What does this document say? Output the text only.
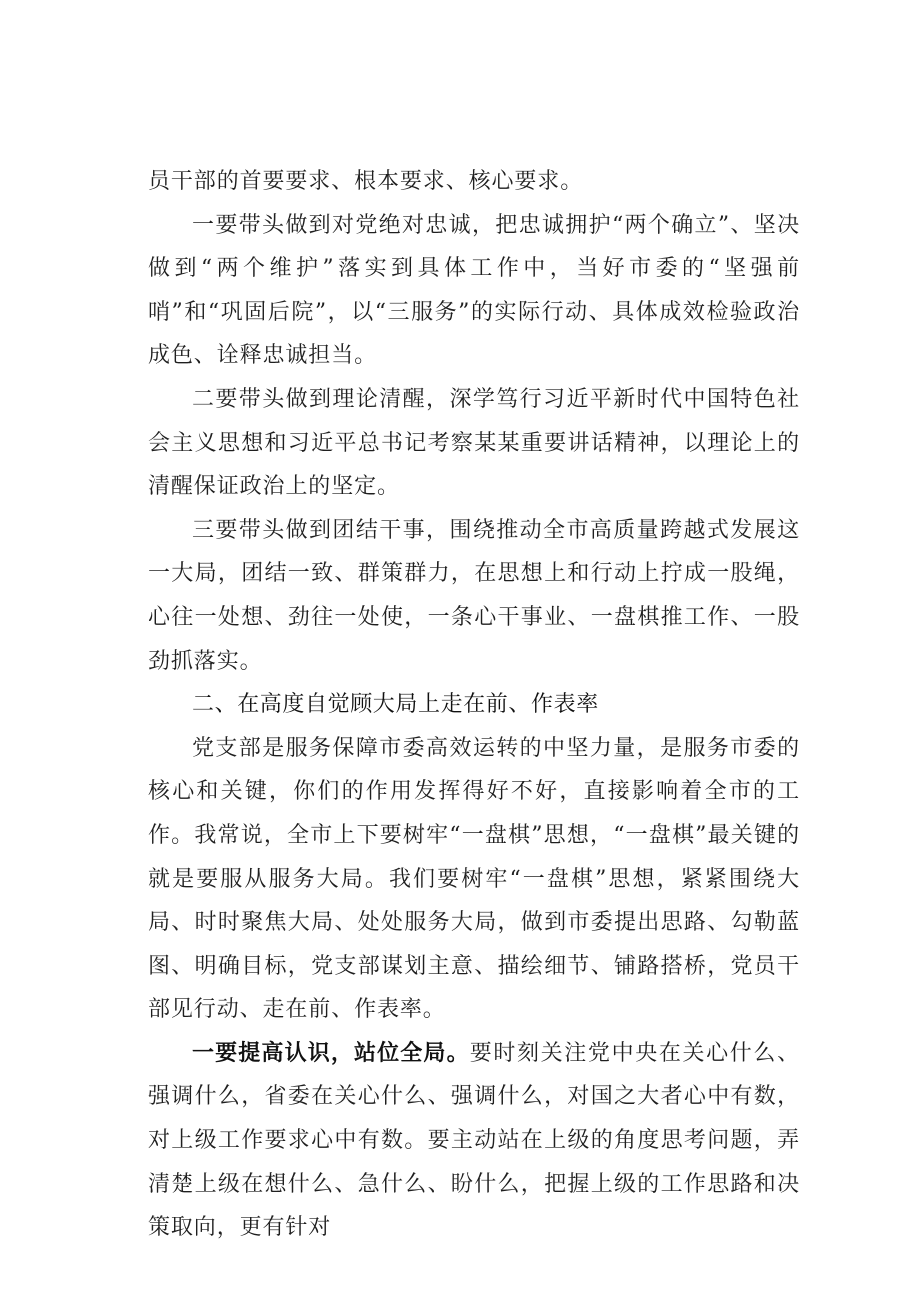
员干部的首要要求、根本要求、核心要求。

一要带头做到对党绝对忠诚，把忠诚拥护“两个确立”、坚决做到“两个维护”落实到具体工作中，当好市委的“坚强前哨”和“巩固后院”，以“三服务”的实际行动、具体成效检验政治成色、诠释忠诚担当。

二要带头做到理论清醒，深学笃行习近平新时代中国特色社会主义思想和习近平总书记考察某某重要讲话精神，以理论上的清醒保证政治上的坚定。

三要带头做到团结干事，围绕推动全市高质量跨越式发展这一大局，团结一致、群策群力，在思想上和行动上拧成一股绳，心往一处想、劲往一处使，一条心干事业、一盘棋推工作、一股劲抓落实。

二、在高度自觉顾大局上走在前、作表率

党支部是服务保障市委高效运转的中坚力量，是服务市委的核心和关键，你们的作用发挥得好不好，直接影响着全市的工作。我常说，全市上下要树牢“一盘棋”思想，“一盘棋”最关键的就是要服从服务大局。我们要树牢“一盘棋”思想，紧紧围绕大局、时时聚焦大局、处处服务大局，做到市委提出思路、勾勒蓝图、明确目标，党支部谋划主意、描绘细节、铺路搭桥，党员干部见行动、走在前、作表率。

一要提高认识，站位全局。要时刻关注党中央在关心什么、强调什么，省委在关心什么、强调什么，对国之大者心中有数，对上级工作要求心中有数。要主动站在上级的角度思考问题，弄清楚上级在想什么、急什么、盼什么，把握上级的工作思路和决策取向，更有针对
